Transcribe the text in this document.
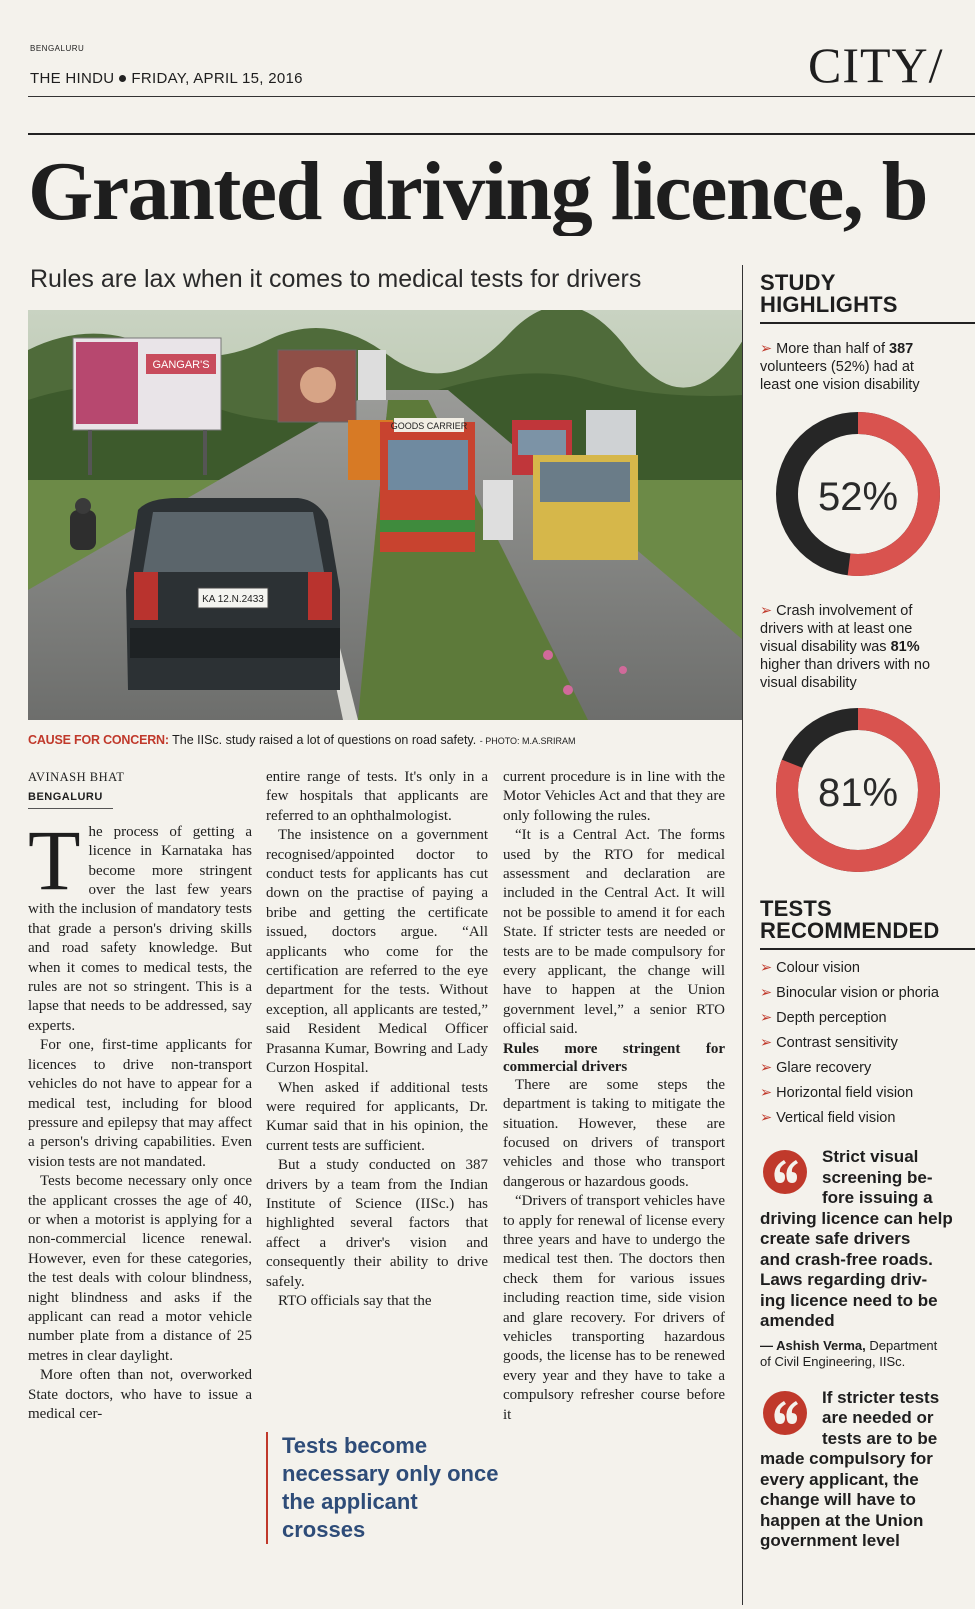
BENGALURU
THE HINDU FRIDAY, APRIL 15, 2016	CITY/
Granted driving licence, b
Rules are lax when it comes to medical tests for drivers
GANGAR'S
GOODS CARRIER
KA 12.N.2433
CAUSE FOR CONCERN: The IISc. study raised a lot of questions on road safety. - PHOTO: M.A.SRIRAM
AVINASH BHAT
BENGALURU

The process of getting a licence in Karnataka has become more stringent over the last few years with the inclusion of mandatory tests that grade a person's driving skills and road safety knowledge. But when it comes to medical tests, the rules are not so stringent. This is a lapse that needs to be addressed, say experts.

For one, first-time applicants for licences to drive non-transport vehicles do not have to appear for a medical test, including for blood pressure and epilepsy that may affect a person's driving capabilities. Even vision tests are not mandated.

Tests become necessary only once the applicant crosses the age of 40, or when a motorist is applying for a non-commercial licence renewal. However, even for these categories, the test deals with colour blindness, night blindness and asks if the applicant can read a motor vehicle number plate from a distance of 25 metres in clear daylight.

More often than not, overworked State doctors, who have to issue a medical cer-

entire range of tests. It's only in a few hospitals that applicants are referred to an ophthalmologist.

The insistence on a government recognised/appointed doctor to conduct tests for applicants has cut down on the practise of paying a bribe and getting the certificate issued, doctors argue. “All applicants who come for the certification are referred to the eye department for the tests. Without exception, all applicants are tested,” said Resident Medical Officer Prasanna Kumar, Bowring and Lady Curzon Hospital.

When asked if additional tests were required for applicants, Dr. Kumar said that in his opinion, the current tests are sufficient.

But a study conducted on 387 drivers by a team from the Indian Institute of Science (IISc.) has highlighted several factors that affect a driver's vision and consequently their ability to drive safely.

RTO officials say that the

Tests become necessary only once the applicant crosses

current procedure is in line with the Motor Vehicles Act and that they are only following the rules.

“It is a Central Act. The forms used by the RTO for medical assessment and declaration are included in the Central Act. It will not be possible to amend it for each State. If stricter tests are needed or tests are to be made compulsory for every applicant, the change will have to happen at the Union government level,” a senior RTO official said.

Rules more stringent for commercial drivers

There are some steps the department is taking to mitigate the situation. However, these are focused on drivers of transport vehicles and those who transport dangerous or hazardous goods.

“Drivers of transport vehicles have to apply for renewal of license every three years and have to undergo the medical test then. The doctors then check them for various issues including reaction time, side vision and glare recovery. For drivers of vehicles transporting hazardous goods, the license has to be renewed every year and they have to take a compulsory refresher course before it

STUDY
HIGHLIGHTS
➢ More than half of 387
volunteers (52%) had at
least one vision disability
52%
➢ Crash involvement of
drivers with at least one
visual disability was 81%
higher than drivers with no
visual disability
81%
TESTS
RECOMMENDED
➢ Colour vision
➢ Binocular vision or phoria
➢ Depth perception
➢ Contrast sensitivity
➢ Glare recovery
➢ Horizontal field vision
➢ Vertical field vision
Strict visual
screening be-
fore issuing a
driving licence can help
create safe drivers
and crash-free roads.
Laws regarding driv-
ing licence need to be
amended
— Ashish Verma, Department
of Civil Engineering, IISc.
If stricter tests
are needed or
tests are to be
made compulsory for
every applicant, the
change will have to
happen at the Union
government level
